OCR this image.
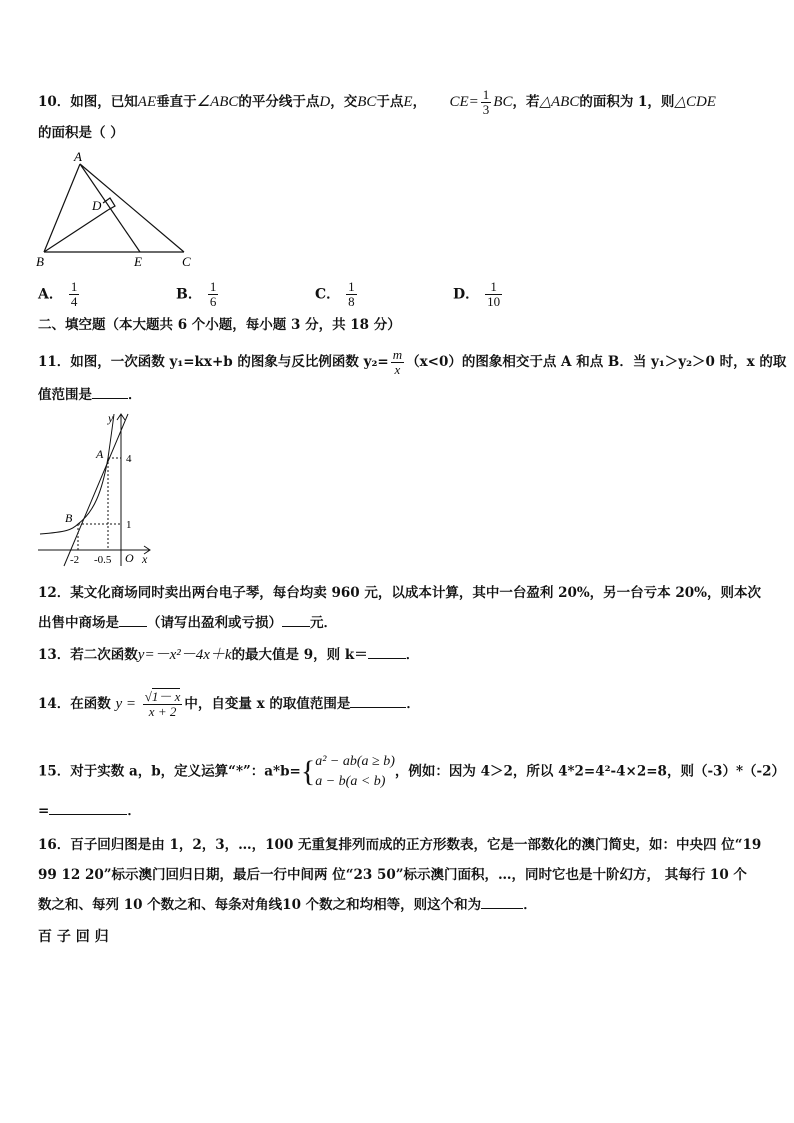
10．如图，已知AE垂直于∠ABC的平分线于点D，交BC于点E， $CE= \frac{1}{3}$ BC，若△ABC的面积为 1，则△CDE
的面积是（ ）
A
D
B	E	C
A． $\frac{1}{4}$	B． $\frac{1}{6}$	C． $\frac{1}{8}$	D． $\frac{1}{10}$
二、填空题（本大题共 6 个小题，每小题 3 分，共 18 分）
11．如图，一次函数 y₁=kx+b 的图象与反比例函数 $y_2= \frac{m}{x} (x<0)$的图象相交于点 A 和点 B．当 y₁＞y₂＞0 时，x 的取
值范围是	．
y
x
A
B
O
4
1
-2 -0.5
12．某文化商场同时卖出两台电子琴，每台均卖 960 元，以成本计算，其中一台盈利 20%，另一台亏本 20%，则本次
出售中商场是 （请写出盈利或亏损） 元．
13．若二次函数y=－x²－4x＋k的最大值是 9，则 k＝	．
14．在函数 $y = \frac{√1- x}{x + 2}$ 中，自变量 x 的取值范围是	．
15．对于实数 a，b，定义运算“*”：a*b={ a² − ab(a ≥ b)
a − b(a < b)
，例如：因为 4＞2，所以 4*2=4²-4×2=8，则（-3）*（-2）
=	．
16．百子回归图是由 1，2，3，…，100 无重复排列而成的正方形数表，它是一部数化的澳门简史，如：中央四 位“19
99 12 20”标示澳门回归日期，最后一行中间两 位“23 50”标示澳门面积，…，同时它也是十阶幻方， 其每行 10 个
数之和、每列 10 个数之和、每条对角线10 个数之和均相等，则这个和为	．
百 子 回 归
